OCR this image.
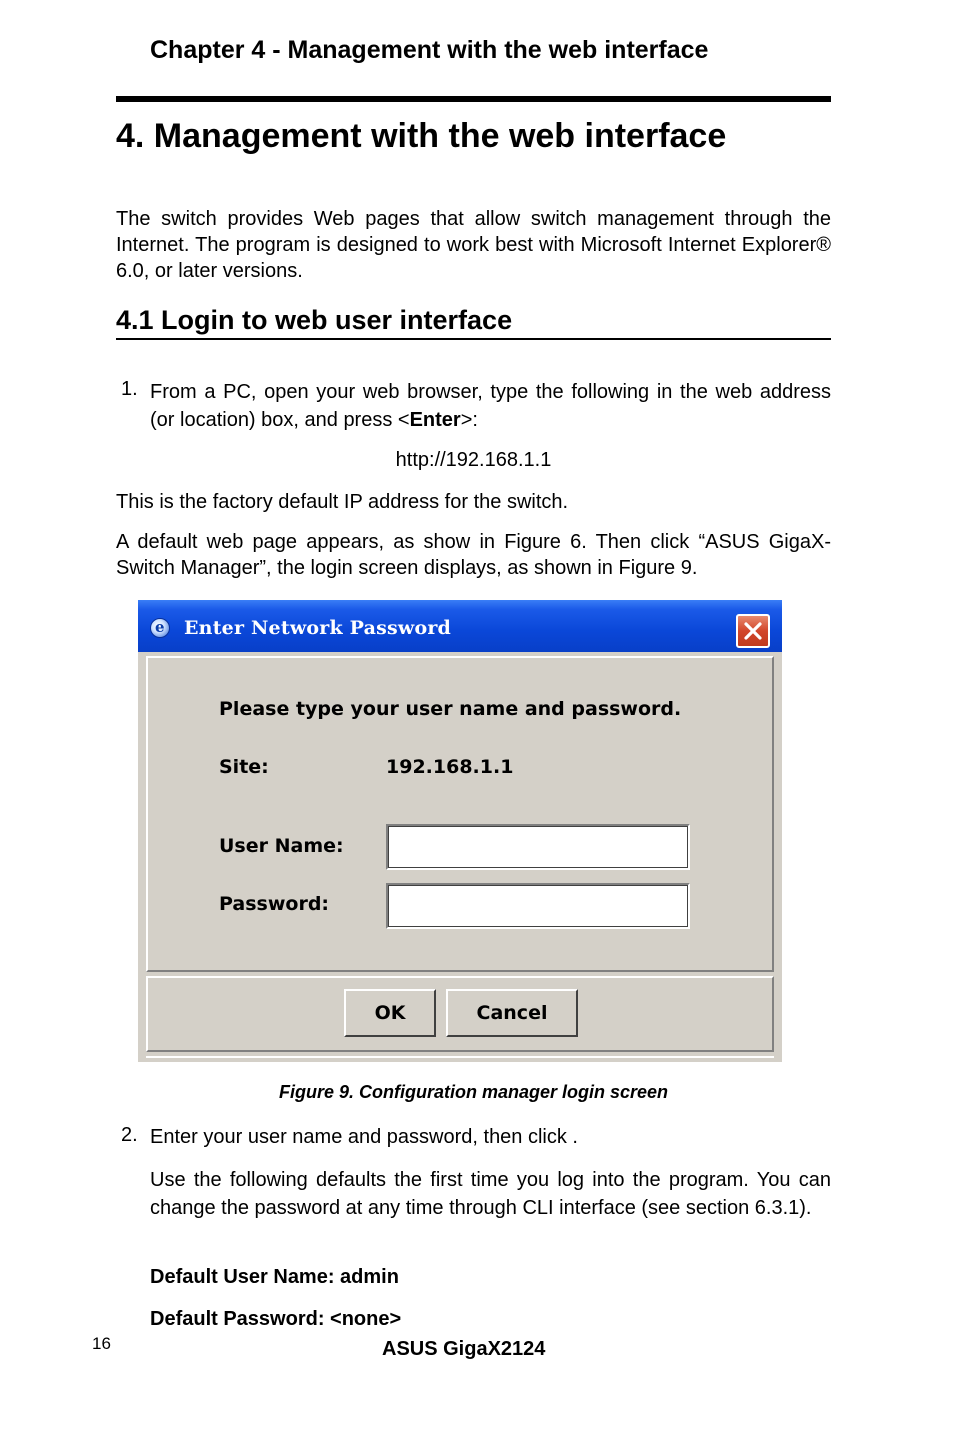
Chapter 4 - Management with the web interface
4. Management with the web interface
The switch provides Web pages that allow switch management through the Internet. The program is designed to work best with Microsoft Internet Explorer® 6.0, or later versions.
4.1 Login to web user interface
1. From a PC, open your web browser, type the following in the web address (or location) box, and press <Enter>:
http://192.168.1.1
This is the factory default IP address for the switch.
A default web page appears, as show in Figure 6. Then click “ASUS GigaX-Switch Manager”, the login screen displays, as shown in Figure 9.
e Enter Network Password
Please type your user name and password.
Site:	192.168.1.1
User Name:
Password:
OK	Cancel
Figure 9. Configuration manager login screen
2. Enter your user name and password, then click .
Use the following defaults the first time you log into the program. You can change the password at any time through CLI interface (see section 6.3.1).
Default User Name: admin
Default Password: <none>
16	ASUS GigaX2124
